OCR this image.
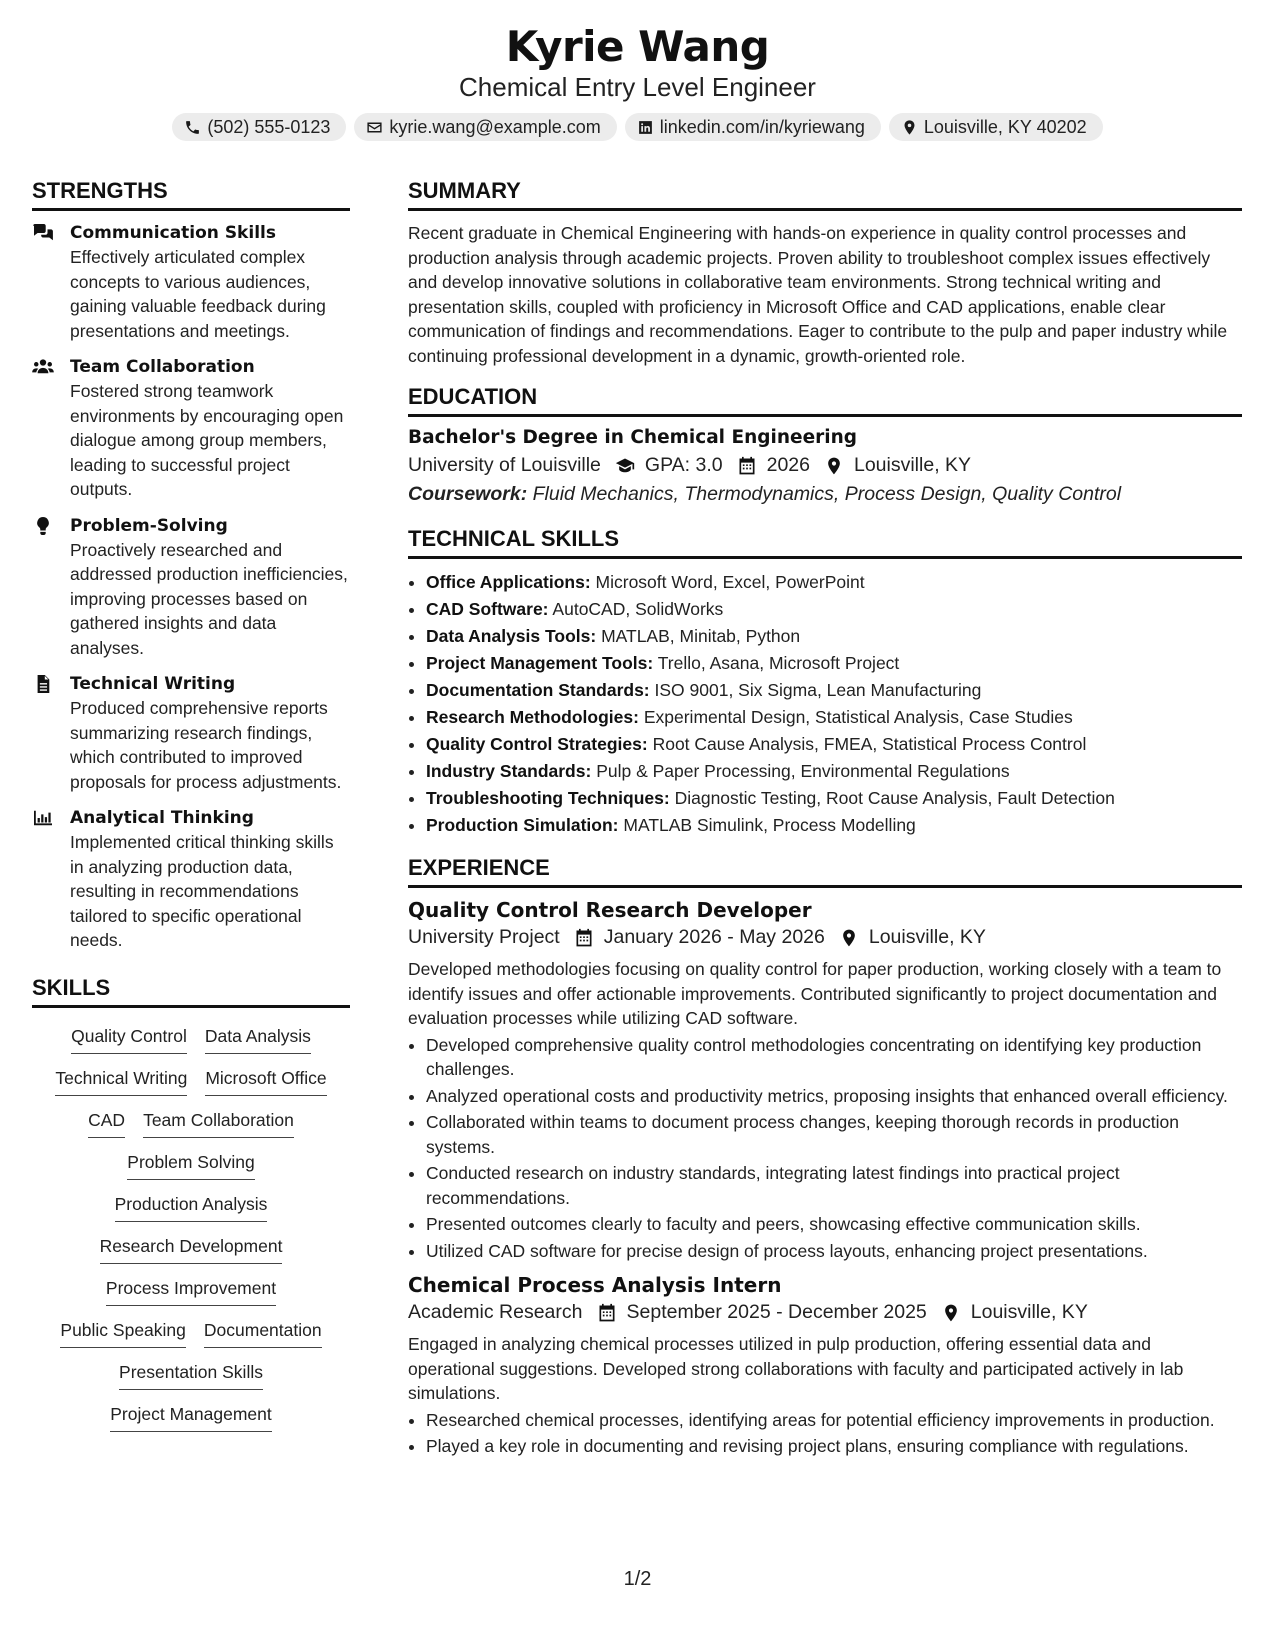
Kyrie Wang
Chemical Entry Level Engineer
(502) 555-0123	kyrie.wang@example.com	linkedin.com/in/kyriewang	Louisville, KY 40202
STRENGTHS
Communication Skills
Effectively articulated complex concepts to various audiences, gaining valuable feedback during presentations and meetings.
Team Collaboration
Fostered strong teamwork environments by encouraging open dialogue among group members, leading to successful project outputs.
Problem-Solving
Proactively researched and addressed production inefficiencies, improving processes based on gathered insights and data analyses.
Technical Writing
Produced comprehensive reports summarizing research findings, which contributed to improved proposals for process adjustments.
Analytical Thinking
Implemented critical thinking skills in analyzing production data, resulting in recommendations tailored to specific operational needs.
SKILLS
Quality Control Data Analysis
Technical Writing Microsoft Office
CAD Team Collaboration
Problem Solving
Production Analysis
Research Development
Process Improvement
Public Speaking Documentation
Presentation Skills
Project Management
SUMMARY

Recent graduate in Chemical Engineering with hands-on experience in quality control processes and production analysis through academic projects. Proven ability to troubleshoot complex issues effectively and develop innovative solutions in collaborative team environments. Strong technical writing and presentation skills, coupled with proficiency in Microsoft Office and CAD applications, enable clear communication of findings and recommendations. Eager to contribute to the pulp and paper industry while continuing professional development in a dynamic, growth-oriented role.

EDUCATION
Bachelor's Degree in Chemical Engineering
University of Louisville GPA: 3.0 2026 Louisville, KY
Coursework: Fluid Mechanics, Thermodynamics, Process Design, Quality Control
TECHNICAL SKILLS
• Office Applications: Microsoft Word, Excel, PowerPoint
• CAD Software: AutoCAD, SolidWorks
• Data Analysis Tools: MATLAB, Minitab, Python
• Project Management Tools: Trello, Asana, Microsoft Project
• Documentation Standards: ISO 9001, Six Sigma, Lean Manufacturing
• Research Methodologies: Experimental Design, Statistical Analysis, Case Studies
• Quality Control Strategies: Root Cause Analysis, FMEA, Statistical Process Control
• Industry Standards: Pulp & Paper Processing, Environmental Regulations
• Troubleshooting Techniques: Diagnostic Testing, Root Cause Analysis, Fault Detection
• Production Simulation: MATLAB Simulink, Process Modelling
EXPERIENCE
Quality Control Research Developer
University Project January 2026 - May 2026 Louisville, KY

Developed methodologies focusing on quality control for paper production, working closely with a team to identify issues and offer actionable improvements. Contributed significantly to project documentation and evaluation processes while utilizing CAD software.

• Developed comprehensive quality control methodologies concentrating on identifying key production challenges.
• Analyzed operational costs and productivity metrics, proposing insights that enhanced overall efficiency.
• Collaborated within teams to document process changes, keeping thorough records in production systems.
• Conducted research on industry standards, integrating latest findings into practical project recommendations.
• Presented outcomes clearly to faculty and peers, showcasing effective communication skills.
• Utilized CAD software for precise design of process layouts, enhancing project presentations.
Chemical Process Analysis Intern
Academic Research September 2025 - December 2025 Louisville, KY

Engaged in analyzing chemical processes utilized in pulp production, offering essential data and operational suggestions. Developed strong collaborations with faculty and participated actively in lab simulations.

• Researched chemical processes, identifying areas for potential efficiency improvements in production.
• Played a key role in documenting and revising project plans, ensuring compliance with regulations.
1/2
